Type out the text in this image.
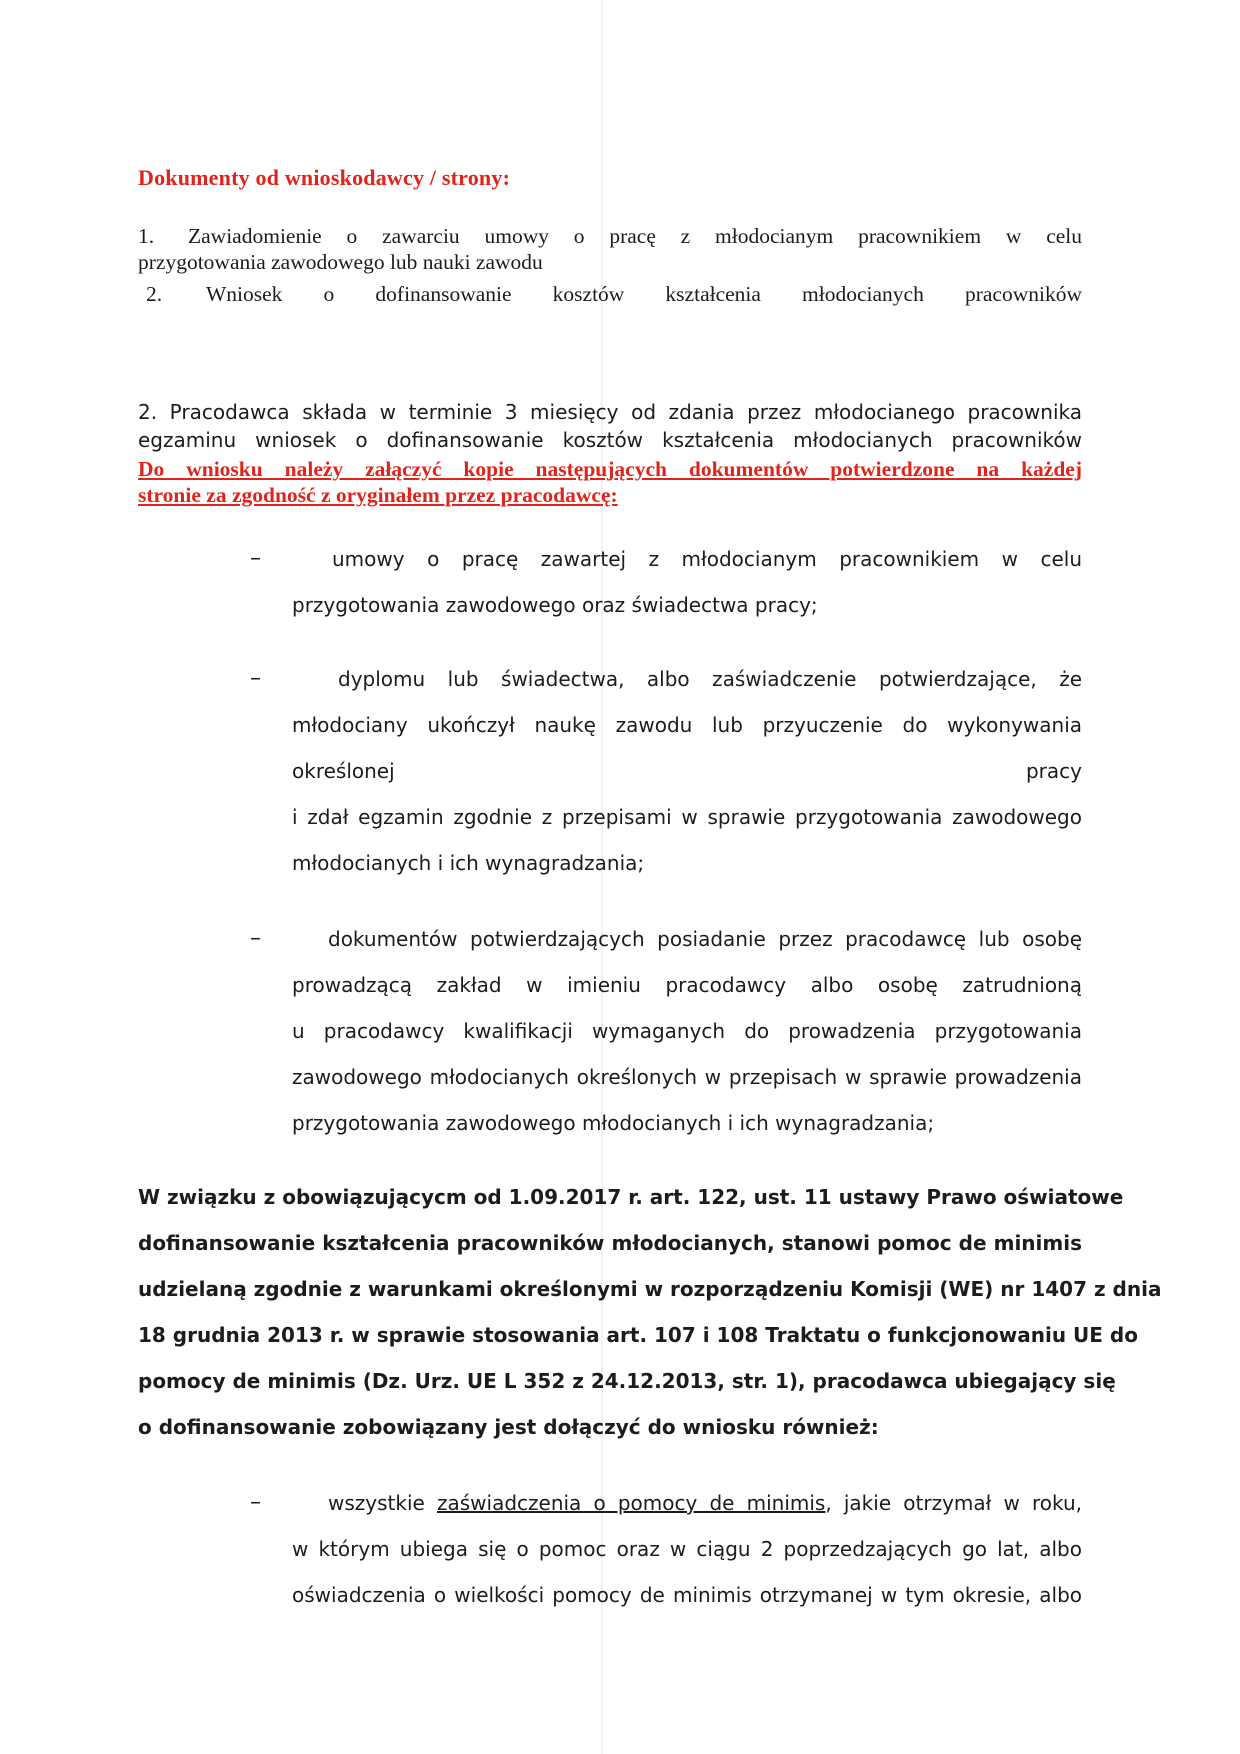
Dokumenty od wnioskodawcy / strony:
1. Zawiadomienie o zawarciu umowy o pracę z młodocianym pracownikiem w celu
przygotowania zawodowego lub nauki zawodu
2. Wniosek o dofinansowanie kosztów kształcenia młodocianych pracowników
2. Pracodawca składa w terminie 3 miesięcy od zdania przez młodocianego pracownika
egzaminu wniosek o dofinansowanie kosztów kształcenia młodocianych pracowników
Do wniosku należy załączyć kopie następujących dokumentów potwierdzone na każdej
stronie za zgodność z oryginałem przez pracodawcę:
–	umowy o pracę zawartej z młodocianym pracownikiem w celu
przygotowania zawodowego oraz świadectwa pracy;
–	dyplomu lub świadectwa, albo zaświadczenie potwierdzające, że
młodociany ukończył naukę zawodu lub przyuczenie do wykonywania
określonej	pracy
i zdał egzamin zgodnie z przepisami w sprawie przygotowania zawodowego
młodocianych i ich wynagradzania;
–	dokumentów potwierdzających posiadanie przez pracodawcę lub osobę
prowadzącą zakład w imieniu pracodawcy albo osobę zatrudnioną
u pracodawcy kwalifikacji wymaganych do prowadzenia przygotowania
zawodowego młodocianych określonych w przepisach w sprawie prowadzenia
przygotowania zawodowego młodocianych i ich wynagradzania;
W związku z obowiązującycm od 1.09.2017 r. art. 122, ust. 11 ustawy Prawo oświatowe
dofinansowanie kształcenia pracowników młodocianych, stanowi pomoc de minimis
udzielaną zgodnie z warunkami określonymi w rozporządzeniu Komisji (WE) nr 1407 z dnia
18 grudnia 2013 r. w sprawie stosowania art. 107 i 108 Traktatu o funkcjonowaniu UE do
pomocy de minimis (Dz. Urz. UE L 352 z 24.12.2013, str. 1), pracodawca ubiegający się
o dofinansowanie zobowiązany jest dołączyć do wniosku również:
–	wszystkie zaświadczenia o pomocy de minimis, jakie otrzymał w roku,
w którym ubiega się o pomoc oraz w ciągu 2 poprzedzających go lat, albo
oświadczenia o wielkości pomocy de minimis otrzymanej w tym okresie, albo
